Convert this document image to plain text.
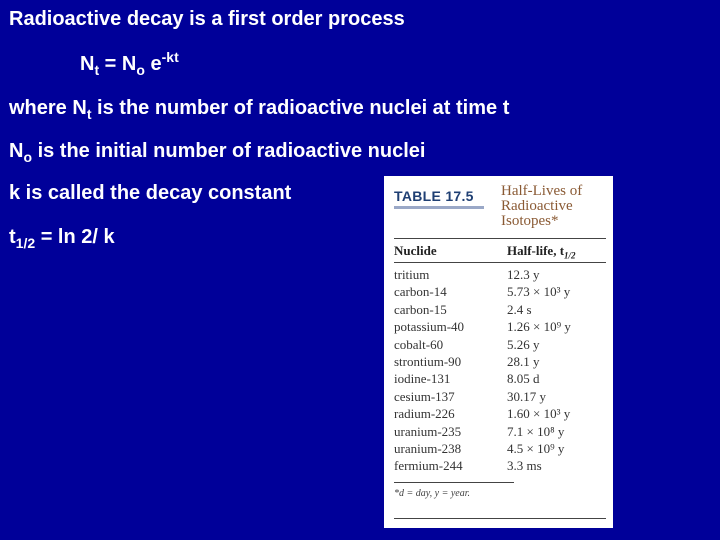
Radioactive decay is a first order process
$N_t = N_o$ $e^{-kt}$
where $N_t$ is the number of radioactive nuclei at time t
$N_o$ is the initial number of radioactive nuclei
k is called the decay constant
$t_{1/2} = \ln 2/$ k
TABLE 17.5 Half-Lives of
Radioactive
Isotopes*
Nuclide	Half-life, $t_{1/2}$
tritium	12.3 y
carbon-14	5.73 × 10³ y
carbon-15	2.4 s
potassium-40	1.26 × 10⁹ y
cobalt-60	5.26 y
strontium-90	28.1 y
iodine-131	8.05 d
cesium-137	30.17 y
radium-226	1.60 × 10³ y
uranium-235	7.1 × 10⁸ y
uranium-238	4.5 × 10⁹ y
fermium-244	3.3 ms
*d = day, y = year.
